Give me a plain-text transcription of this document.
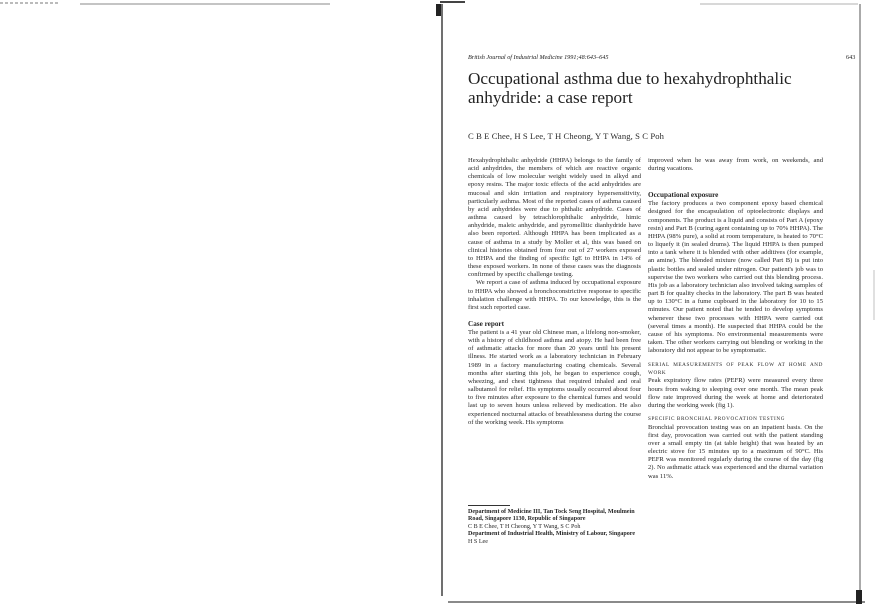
British Journal of Industrial Medicine 1991;48:643–645	643
Occupational asthma due to hexahydrophthalic anhydride: a case report
C B E Chee, H S Lee, T H Cheong, Y T Wang, S C Poh

Hexahydrophthalic anhydride (HHPA) belongs to the family of acid anhydrides, the members of which are reactive organic chemicals of low molecular weight widely used in alkyd and epoxy resins. The major toxic effects of the acid anhydrides are mucosal and skin irritation and respiratory hypersensitivity, particularly asthma. Most of the reported cases of asthma caused by acid anhydrides were due to phthalic anhydride. Cases of asthma caused by tetrachlorophthalic anhydride, himic anhydride, maleic anhydride, and pyromellitic dianhydride have also been reported. Although HHPA has been implicated as a cause of asthma in a study by Moller et al, this was based on clinical histories obtained from four out of 27 workers exposed to HHPA and the finding of specific IgE to HHPA in 14% of these exposed workers. In none of these cases was the diagnosis confirmed by specific challenge testing.

We report a case of asthma induced by occupational exposure to HHPA who showed a bronchoconstrictive response to specific inhalation challenge with HHPA. To our knowledge, this is the first such reported case.

Case report

The patient is a 41 year old Chinese man, a lifelong non-smoker, with a history of childhood asthma and atopy. He had been free of asthmatic attacks for more than 20 years until his present illness. He started work as a laboratory technician in February 1989 in a factory manufacturing coating chemicals. Several months after starting this job, he began to experience cough, wheezing, and chest tightness that required inhaled and oral salbutamol for relief. His symptoms usually occurred about four to five minutes after exposure to the chemical fumes and would last up to seven hours unless relieved by medication. He also experienced nocturnal attacks of breathlessness during the course of the working week. His symptoms

Department of Medicine III, Tan Tock Seng Hospital, Moulmein Road, Singapore 1130, Republic of Singapore
C B E Chee, T H Cheong, Y T Wang, S C Poh
Department of Industrial Health, Ministry of Labour, Singapore
H S Lee

improved when he was away from work, on weekends, and during vacations.

Occupational exposure

The factory produces a two component epoxy based chemical designed for the encapsulation of optoelectronic displays and components. The product is a liquid and consists of Part A (epoxy resin) and Part B (curing agent containing up to 70% HHPA). The HHPA (98% pure), a solid at room temperature, is heated to 70°C to liquefy it (in sealed drums). The liquid HHPA is then pumped into a tank where it is blended with other additives (for example, an amine). The blended mixture (now called Part B) is put into plastic bottles and sealed under nitrogen. Our patient's job was to supervise the two workers who carried out this blending process. His job as a laboratory technician also involved taking samples of part B for quality checks in the laboratory. The part B was heated up to 130°C in a fume cupboard in the laboratory for 10 to 15 minutes. Our patient noted that he tended to develop symptoms whenever these two processes with HHPA were carried out (several times a month). He suspected that HHPA could be the cause of his symptoms. No environmental measurements were taken. The other workers carrying out blending or working in the laboratory did not appear to be symptomatic.

SERIAL MEASUREMENTS OF PEAK FLOW AT HOME AND WORK

Peak expiratory flow rates (PEFR) were measured every three hours from waking to sleeping over one month. The mean peak flow rate improved during the week at home and deteriorated during the working week (fig 1).

SPECIFIC BRONCHIAL PROVOCATION TESTING

Bronchial provocation testing was on an inpatient basis. On the first day, provocation was carried out with the patient standing over a small empty tin (at table height) that was heated by an electric stove for 15 minutes up to a maximum of 90°C. His PEFR was monitored regularly during the course of the day (fig 2). No asthmatic attack was experienced and the diurnal variation was 11%.
